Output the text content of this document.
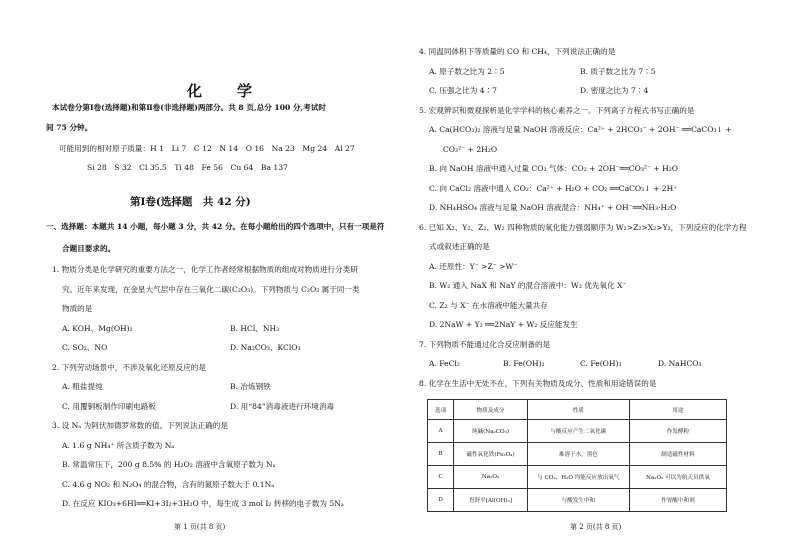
化　学
本试卷分第Ⅰ卷(选择题)和第Ⅱ卷(非选择题)两部分。共 8 页,总分 100 分,考试时
间 75 分钟。
可能用到的相对原子质量：H 1　Li 7　C 12　N 14　O 16　Na 23　Mg 24　Al 27
Si 28　S 32　Cl 35.5　Ti 48　Fe 56　Cu 64　Ba 137
第Ⅰ卷(选择题　共 42 分)
一、选择题：本题共 14 小题，每小题 3 分，共 42 分。在每小题给出的四个选项中，只有一项是符
合题目要求的。
1. 物质分类是化学研究的重要方法之一，化学工作者经常根据物质的组成对物质进行分类研
究。近年来发现，在金星大气层中存在三氧化二碳(C₂O₃)。下列物质与 C₂O₃ 属于同一类
物质的是
A. KOH、Mg(OH)₂	B. HCl、NH₃
C. SO₂、NO	D. Na₂CO₃、KClO₃
2. 下列劳动场景中，不涉及氧化还原反应的是
A. 粗盐提纯	B. 冶炼钢铁
C. 用覆铜板制作印刷电路板	D. 用“84”消毒液进行环境消毒
3. 设 Nₐ 为阿伏加德罗常数的值。下列说法正确的是
A. 1.6 g NH₄⁺ 所含质子数为 Nₐ
B. 常温常压下，200 g 8.5% 的 H₂O₂ 溶液中含氧原子数为 Nₐ
C. 4.6 g NO₂ 和 N₂O₄ 的混合物，含有的氮原子数大于 0.1Nₐ
D. 在反应 KIO₃+6HI══KI+3I₂+3H₂O 中，每生成 3 mol I₂ 转移的电子数为 5Nₐ
第 1 页(共 8 页)
4. 同温同体积下等质量的 CO 和 CH₄，下列说法正确的是
A. 原子数之比为 2∶5	B. 质子数之比为 7∶5
C. 压强之比为 4∶7	D. 密度之比为 7∶4
5. 宏观辨识和微观探析是化学学科的核心素养之一。下列离子方程式书写正确的是
A. Ca(HCO₃)₂ 溶液与足量 NaOH 溶液反应：Ca²⁺ + 2HCO₃⁻ + 2OH⁻ ══CaCO₃↓ +
CO₃²⁻ + 2H₂O
B. 向 NaOH 溶液中通入过量 CO₂ 气体：CO₂ + 2OH⁻══CO₃²⁻ + H₂O
C. 向 CaCl₂ 溶液中通入 CO₂：Ca²⁺ + H₂O + CO₂ ══CaCO₃↓ + 2H⁺
D. NH₄HSO₄ 溶液与足量 NaOH 溶液混合：NH₄⁺ + OH⁻══NH₃·H₂O
6. 已知 X₂、Y₂、Z₂、W₂ 四种物质的氧化能力强弱顺序为 W₂>Z₂>X₂>Y₂，下列反应的化学方程
式或叙述正确的是
A. 还原性：Y⁻ >Z⁻ >W⁻
B. W₂ 通入 NaX 和 NaY 的混合溶液中：W₂ 优先氧化 X⁻
C. Z₂ 与 X⁻ 在水溶液中能大量共存
D. 2NaW + Y₂ ══2NaY + W₂ 反应能发生
7. 下列物质不能通过化合反应制备的是
A. FeCl₂	B. Fe(OH)₂	C. Fe(OH)₃	D. NaHCO₃
8. 化学在生活中无处不在，下列有关物质及成分、性质和用途错误的是
选项	物质及成分	性质	用途
A	纯碱(Na₂CO₃)	与酸反应产生二氧化碳	作发酵粉
B	磁性氧化铁(Fe₃O₄)	难溶于水，黑色	制造磁性材料
C	Na₂O₂	与 CO₂、H₂O 均能反应放出氧气	Na₂O₂ 可以为航天员供氧
D	胃舒平[Al(OH)₃]	与酸发生中和	作胃酸中和剂
第 2 页(共 8 页)
